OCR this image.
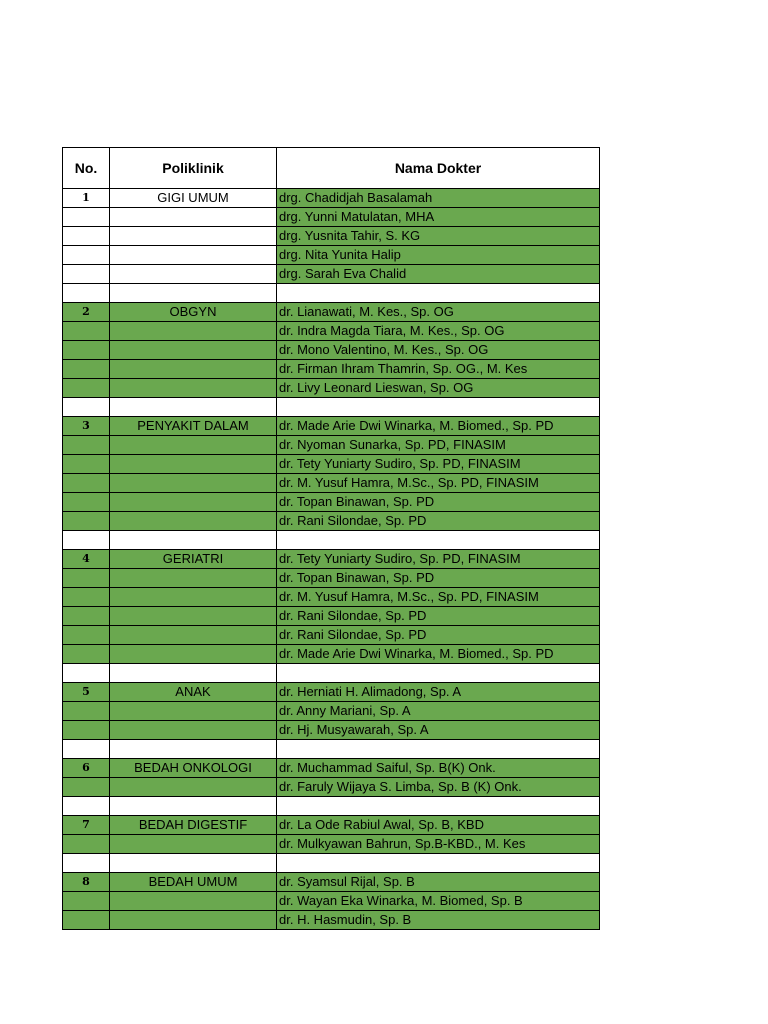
No.	Poliklinik	Nama Dokter
1	GIGI UMUM	drg. Chadidjah Basalamah
		drg. Yunni Matulatan, MHA
		drg. Yusnita Tahir, S. KG
		drg. Nita Yunita Halip
		drg. Sarah Eva Chalid

2	OBGYN	dr. Lianawati, M. Kes., Sp. OG
		dr. Indra Magda Tiara, M. Kes., Sp. OG
		dr. Mono Valentino, M. Kes., Sp. OG
		dr. Firman Ihram Thamrin, Sp. OG., M. Kes
		dr. Livy Leonard Lieswan, Sp. OG

3	PENYAKIT DALAM	dr. Made Arie Dwi Winarka, M. Biomed., Sp. PD
		dr. Nyoman Sunarka, Sp. PD, FINASIM
		dr. Tety Yuniarty Sudiro, Sp. PD, FINASIM
		dr. M. Yusuf Hamra, M.Sc., Sp. PD, FINASIM
		dr. Topan Binawan, Sp. PD
		dr. Rani Silondae, Sp. PD

4	GERIATRI	dr. Tety Yuniarty Sudiro, Sp. PD, FINASIM
		dr. Topan Binawan, Sp. PD
		dr. M. Yusuf Hamra, M.Sc., Sp. PD, FINASIM
		dr. Rani Silondae, Sp. PD
		dr. Rani Silondae, Sp. PD
		dr. Made Arie Dwi Winarka, M. Biomed., Sp. PD

5	ANAK	dr. Herniati H. Alimadong, Sp. A
		dr. Anny Mariani, Sp. A
		dr. Hj. Musyawarah, Sp. A

6	BEDAH ONKOLOGI	dr. Muchammad Saiful, Sp. B(K) Onk.
		dr. Faruly Wijaya S. Limba, Sp. B (K) Onk.

7	BEDAH DIGESTIF	dr. La Ode Rabiul Awal, Sp. B, KBD
		dr. Mulkyawan Bahrun, Sp.B-KBD., M. Kes

8	BEDAH UMUM	dr. Syamsul Rijal, Sp. B
		dr. Wayan Eka Winarka, M. Biomed, Sp. B
		dr. H. Hasmudin, Sp. B
